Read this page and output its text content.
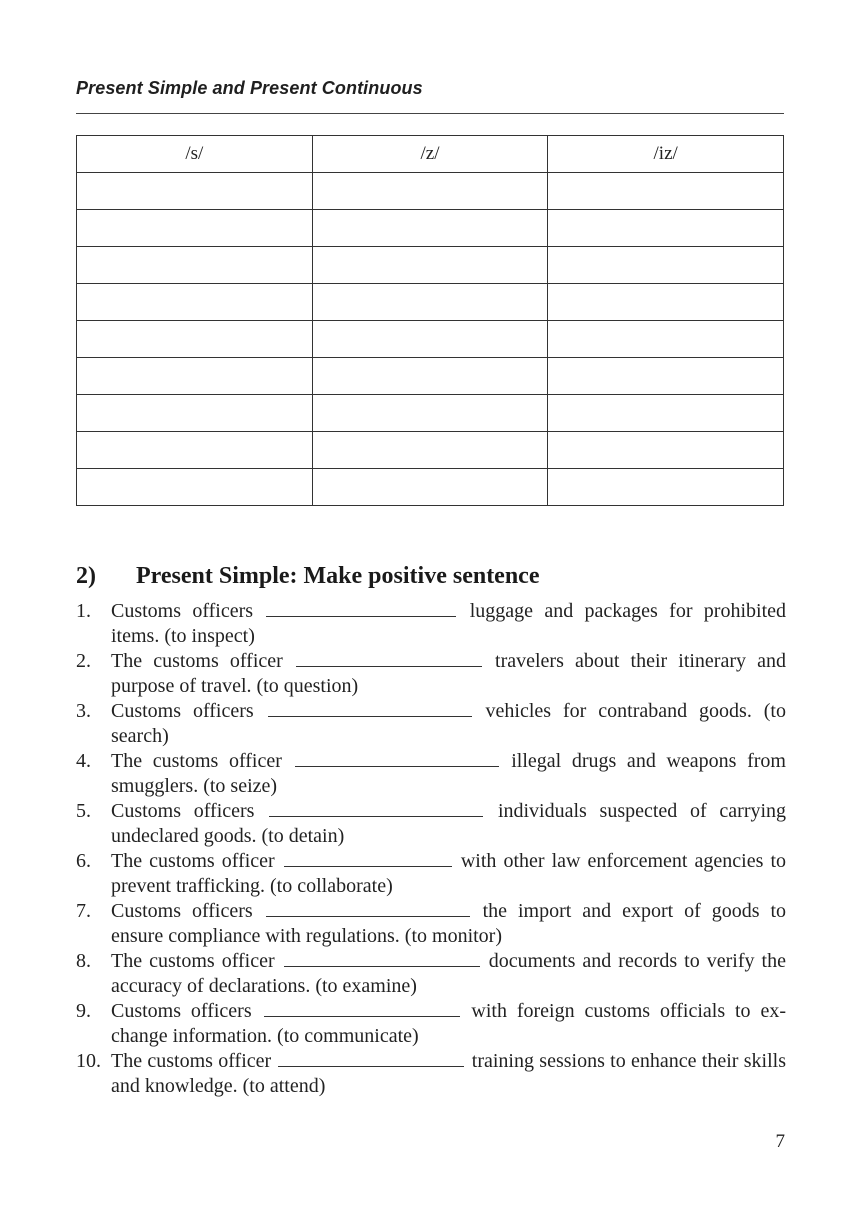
Present Simple and Present Continuous
/s/	/z/	/iz/

2) Present Simple: Make positive sentence
1.	Customs officers	luggage and packages for prohibited items. (to inspect)
2.	The customs officer	travelers about their itinerary and purpose of travel. (to question)
3.	Customs officers	vehicles for contraband goods. (to search)
4.	The customs officer	illegal drugs and weapons from smugglers. (to seize)
5.	Customs officers	individuals suspected of carrying undeclared goods. (to detain)
6.	The customs officer	with other law enforcement agencies to prevent trafficking. (to collaborate)
7.	Customs officers	the import and export of goods to ensure compliance with regulations. (to monitor)
8.	The customs officer	documents and records to verify the accuracy of declarations. (to examine)
9.	Customs officers	with foreign customs officials to ex-change information. (to communicate)
10. The customs officer	training sessions to enhance their skills and knowledge. (to attend)
7
